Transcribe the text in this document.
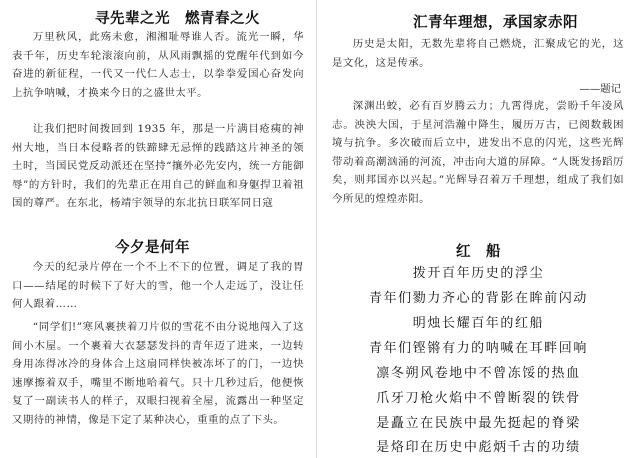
寻先辈之光　燃青春之火

万里秋风，此殇未愈，湘湘耻辱谁人否。流光一瞬，华表千年，历史车轮滚滚向前，从风雨飘摇的党醒年代到如今奋进的新征程，一代又一代仁人志士，以拳拳爱国心奋发向上抗争呐喊，才换来今日的之盛世太平。

让我们把时间拨回到 1935 年，那是一片满目疮痍的神州大地，当日本侵略者的铁蹄肆无忌惮的践踏这片神圣的领土时，当国民党反动派还在坚持“攘外必先安内，统一方能御辱”的方针时，我们的先辈正在用自己的鲜血和身躯捍卫着祖国的尊严。在东北，杨靖宇领导的东北抗日联军同日寇

今夕是何年

今天的纪录片停在一个不上不下的位置，调足了我的胃口——结尾的时候下了好大的雪，他一个人走远了，没让任何人跟着……

“同学们!”寒风裹挟着刀片似的雪花不由分说地闯入了这间小木屋。一个裹着大衣瑟瑟发抖的青年迈了进来，一边转身用冻得冰冷的身体合上这扇同样快被冻坏了的门，一边快速摩擦着双手，嘴里不断地哈着气。只十几秒过后，他便恢复了一副读书人的样子，双眼扫视着全屋，流露出一种坚定又期待的神情，像是下定了某种决心，重重的点了下头。

汇青年理想，承国家赤阳

历史是太阳，无数先辈将自己燃烧，汇聚成它的光，这是文化，这是传承。

——题记

深渊出蛟，必有百岁腾云力；九霄得虎，尝盼千年凌风志。泱泱大国，于星河浩瀚中降生，履历万古，已阅数载困境与抗争。多次破而后立中，进发出不息的闪光，这些光辉带动着高潮汹涌的河流，冲击向大道的屏障。“人既发扬蹈厉矣，则邦国亦以兴起。”光辉导召着万千理想，组成了我们如今所见的煌煌赤阳。

红　船
拨开百年历史的浮尘
青年们勠力齐心的背影在眸前闪动
明烛长耀百年的红船
青年们铿锵有力的呐喊在耳畔回响
凛冬朔风卷地中不曾冻馁的热血
爪牙刀枪火焰中不曾断裂的铁骨
是矗立在民族中最先挺起的脊梁
是烙印在历史中彪炳千古的功绩
